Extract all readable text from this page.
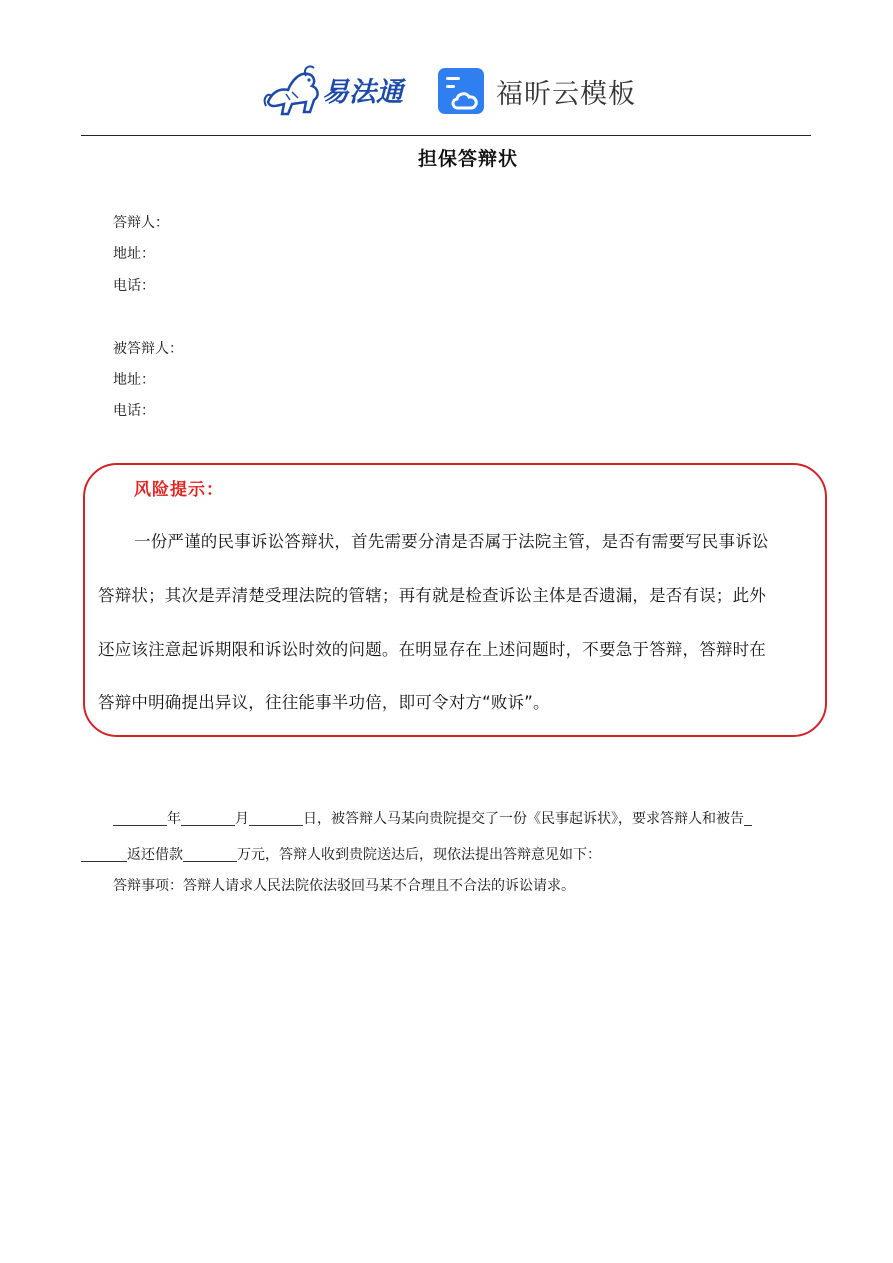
易法通	福昕云模板
担保答辩状
答辩人：
地址：
电话：
被答辩人：
地址：
电话：
风险提示：
一份严谨的民事诉讼答辩状，首先需要分清是否属于法院主管，是否有需要写民事诉讼
答辩状；其次是弄清楚受理法院的管辖；再有就是检查诉讼主体是否遗漏，是否有误；此外
还应该注意起诉期限和诉讼时效的问题。在明显存在上述问题时，不要急于答辩，答辩时在
答辩中明确提出异议，往往能事半功倍，即可令对方“败诉”。
年	月	日，被答辩人马某向贵院提交了一份《民事起诉状》，要求答辩人和被告
返还借款	万元，答辩人收到贵院送达后，现依法提出答辩意见如下：
答辩事项：答辩人请求人民法院依法驳回马某不合理且不合法的诉讼请求。
